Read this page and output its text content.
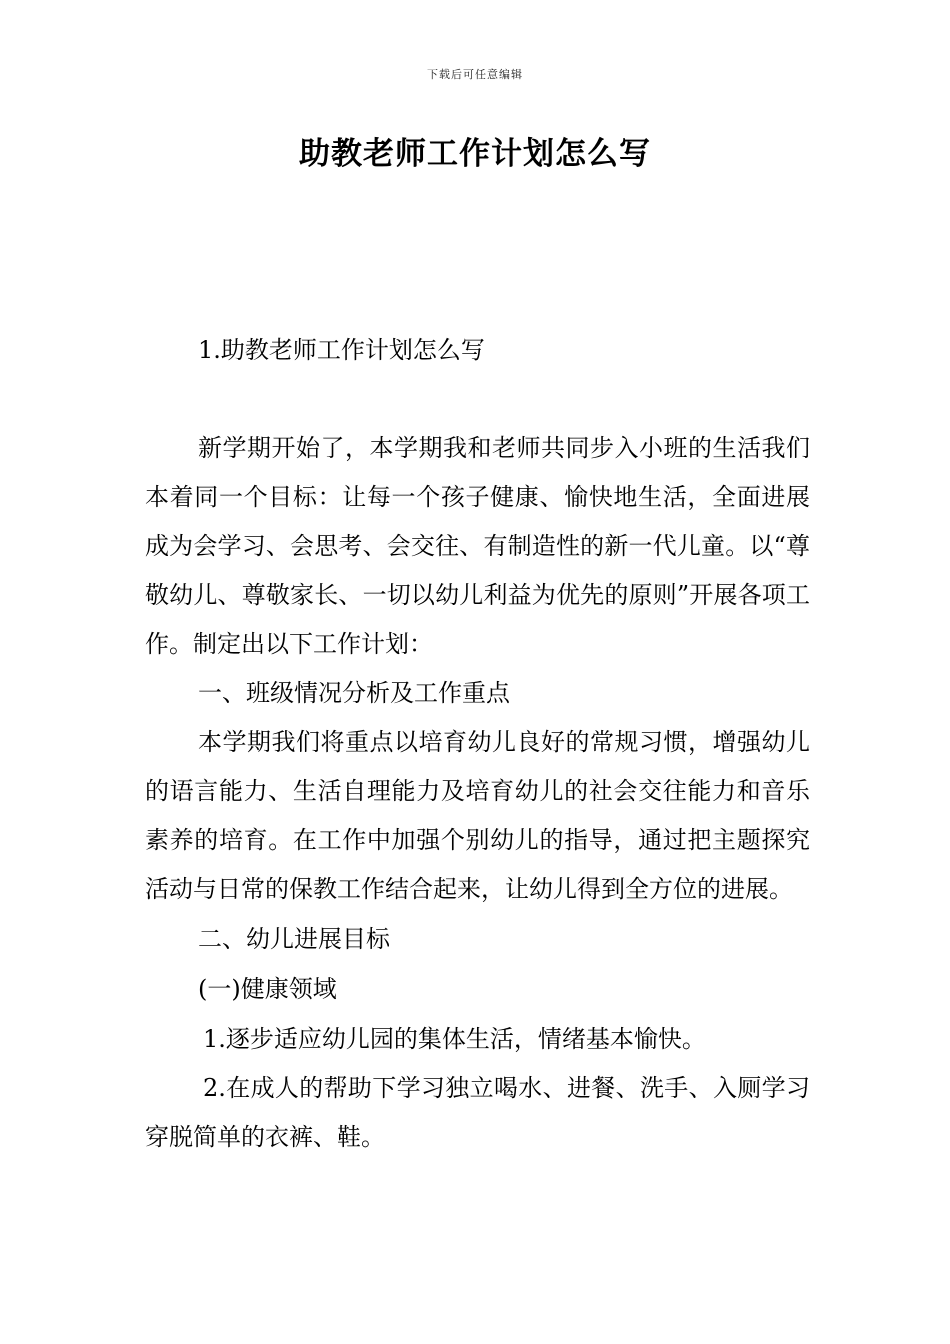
下载后可任意编辑
助教老师工作计划怎么写
1.助教老师工作计划怎么写

新学期开始了，本学期我和老师共同步入小班的生活我们本着同一个目标：让每一个孩子健康、愉快地生活，全面进展成为会学习、会思考、会交往、有制造性的新一代儿童。以“尊敬幼儿、尊敬家长、一切以幼儿利益为优先的原则”开展各项工作。制定出以下工作计划：

一、班级情况分析及工作重点

本学期我们将重点以培育幼儿良好的常规习惯，增强幼儿的语言能力、生活自理能力及培育幼儿的社会交往能力和音乐素养的培育。在工作中加强个别幼儿的指导，通过把主题探究活动与日常的保教工作结合起来，让幼儿得到全方位的进展。

二、幼儿进展目标

(一)健康领域

1.逐步适应幼儿园的集体生活，情绪基本愉快。

2.在成人的帮助下学习独立喝水、进餐、洗手、入厕学习穿脱简单的衣裤、鞋。
